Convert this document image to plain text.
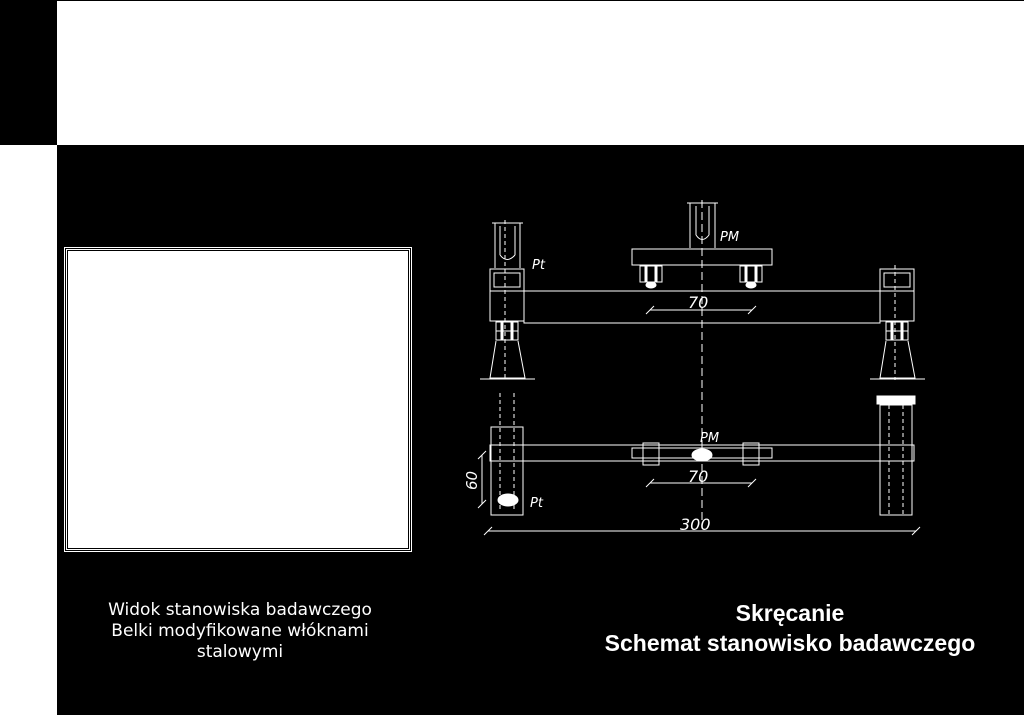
PM
Pt
70
PM
70
Pt
300
60
Widok stanowiska badawczego
Belki modyfikowane włóknami
stalowymi
Skręcanie
Schemat stanowisko badawczego
